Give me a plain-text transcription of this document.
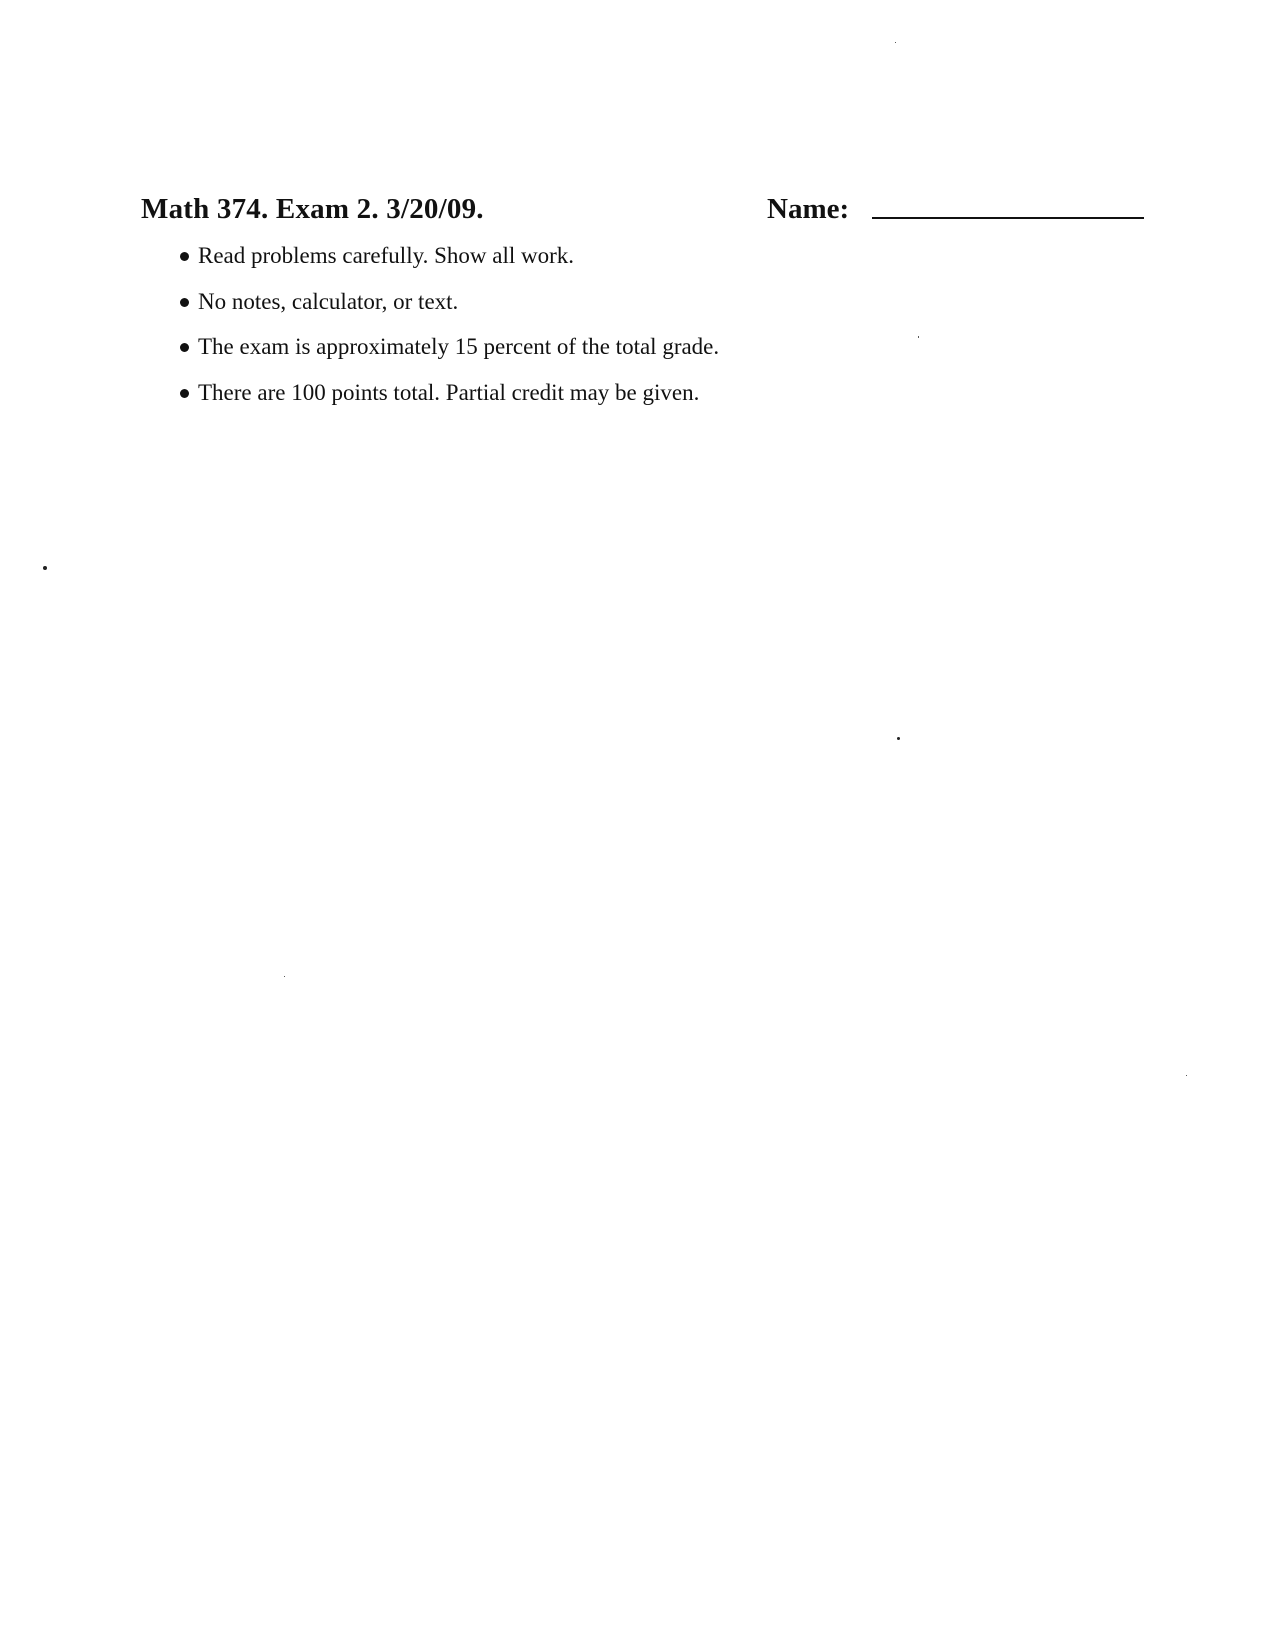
Math 374. Exam 2. 3/20/09.	Name:
Read problems carefully. Show all work.
No notes, calculator, or text.
The exam is approximately 15 percent of the total grade.
There are 100 points total. Partial credit may be given.
